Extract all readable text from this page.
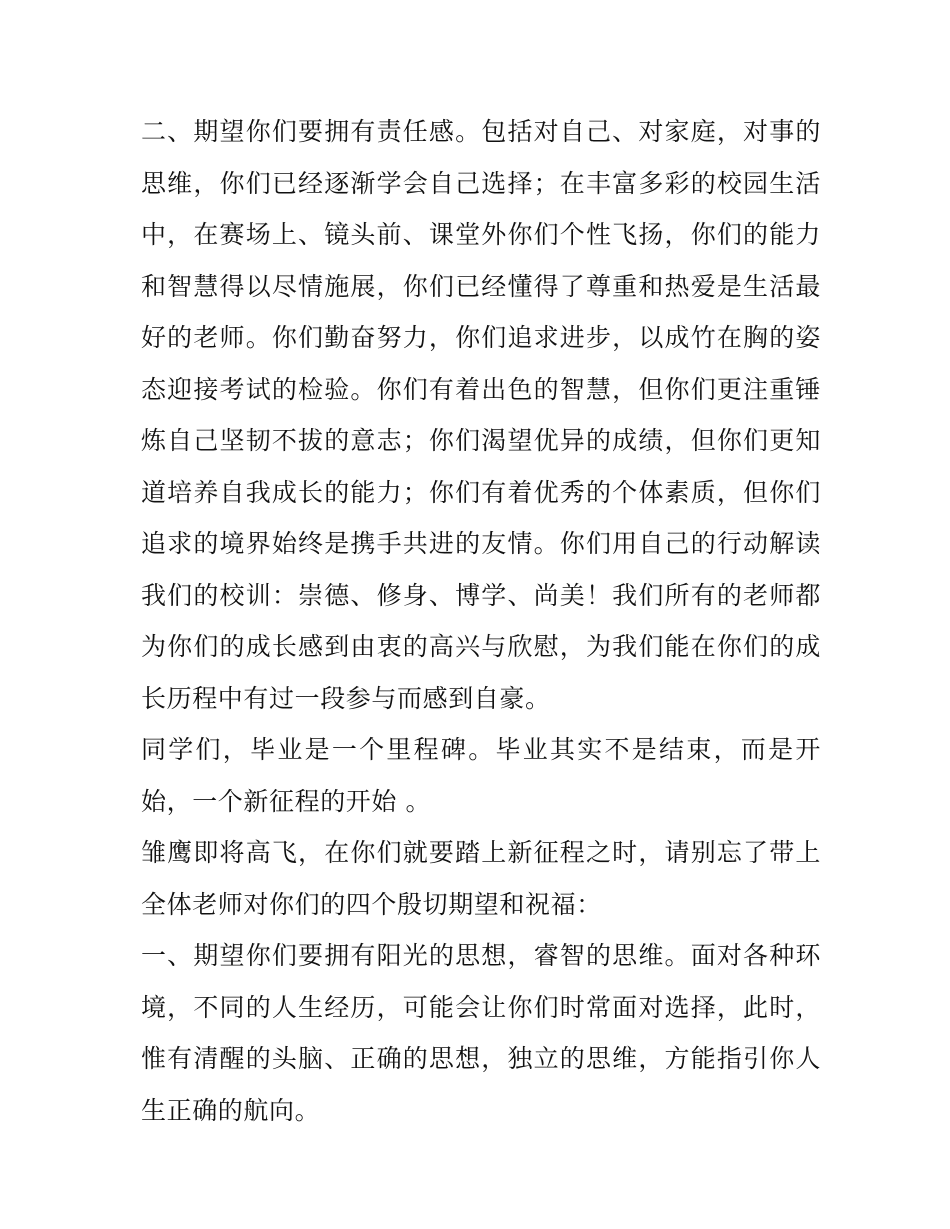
二、期望你们要拥有责任感。包括对自己、对家庭，对事的思维，你们已经逐渐学会自己选择；在丰富多彩的校园生活中，在赛场上、镜头前、课堂外你们个性飞扬，你们的能力和智慧得以尽情施展，你们已经懂得了尊重和热爱是生活最好的老师。你们勤奋努力，你们追求进步，以成竹在胸的姿态迎接考试的检验。你们有着出色的智慧，但你们更注重锤炼自己坚韧不拔的意志；你们渴望优异的成绩，但你们更知道培养自我成长的能力；你们有着优秀的个体素质，但你们追求的境界始终是携手共进的友情。你们用自己的行动解读我们的校训：崇德、修身、博学、尚美！我们所有的老师都为你们的成长感到由衷的高兴与欣慰，为我们能在你们的成长历程中有过一段参与而感到自豪。

同学们，毕业是一个里程碑。毕业其实不是结束，而是开始，一个新征程的开始 。

雏鹰即将高飞，在你们就要踏上新征程之时，请别忘了带上全体老师对你们的四个殷切期望和祝福：

一、期望你们要拥有阳光的思想，睿智的思维。面对各种环境，不同的人生经历，可能会让你们时常面对选择，此时，惟有清醒的头脑、正确的思想，独立的思维，方能指引你人生正确的航向。
